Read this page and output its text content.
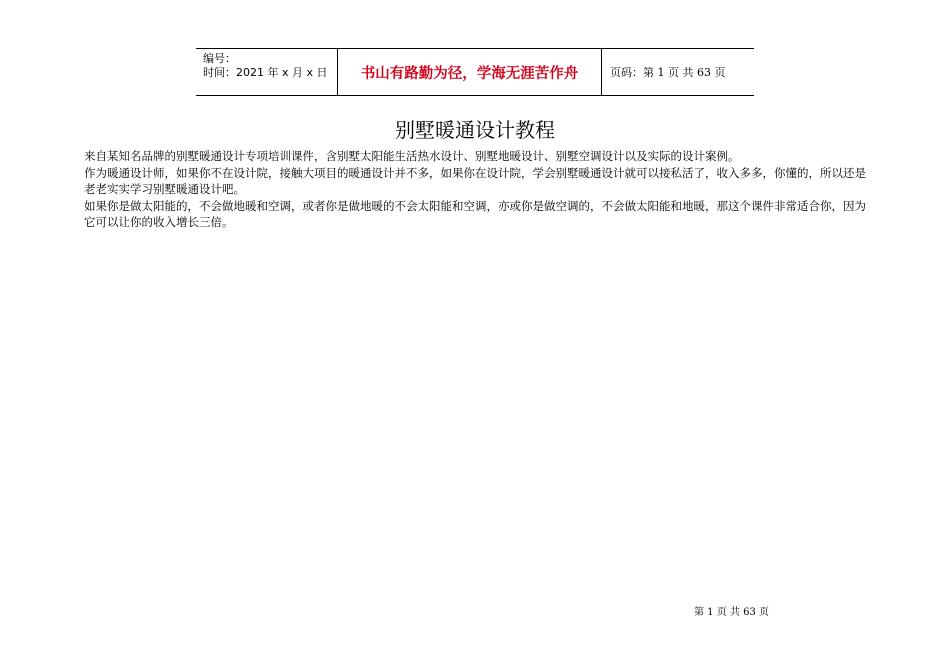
编号：
时间：2021 年 x 月 x 日	书山有路勤为径，学海无涯苦作舟	页码：第 1 页 共 63 页
别墅暖通设计教程

来自某知名品牌的别墅暖通设计专项培训课件，含别墅太阳能生活热水设计、别墅地暖设计、别墅空调设计以及实际的设计案例。

作为暖通设计师，如果你不在设计院，接触大项目的暖通设计并不多，如果你在设计院，学会别墅暖通设计就可以接私活了，收入多多，你懂的，所以还是老老实实学习别墅暖通设计吧。

如果你是做太阳能的，不会做地暖和空调，或者你是做地暖的不会太阳能和空调，亦或你是做空调的，不会做太阳能和地暖，那这个课件非常适合你，因为它可以让你的收入增长三倍。

第 1 页 共 63 页
